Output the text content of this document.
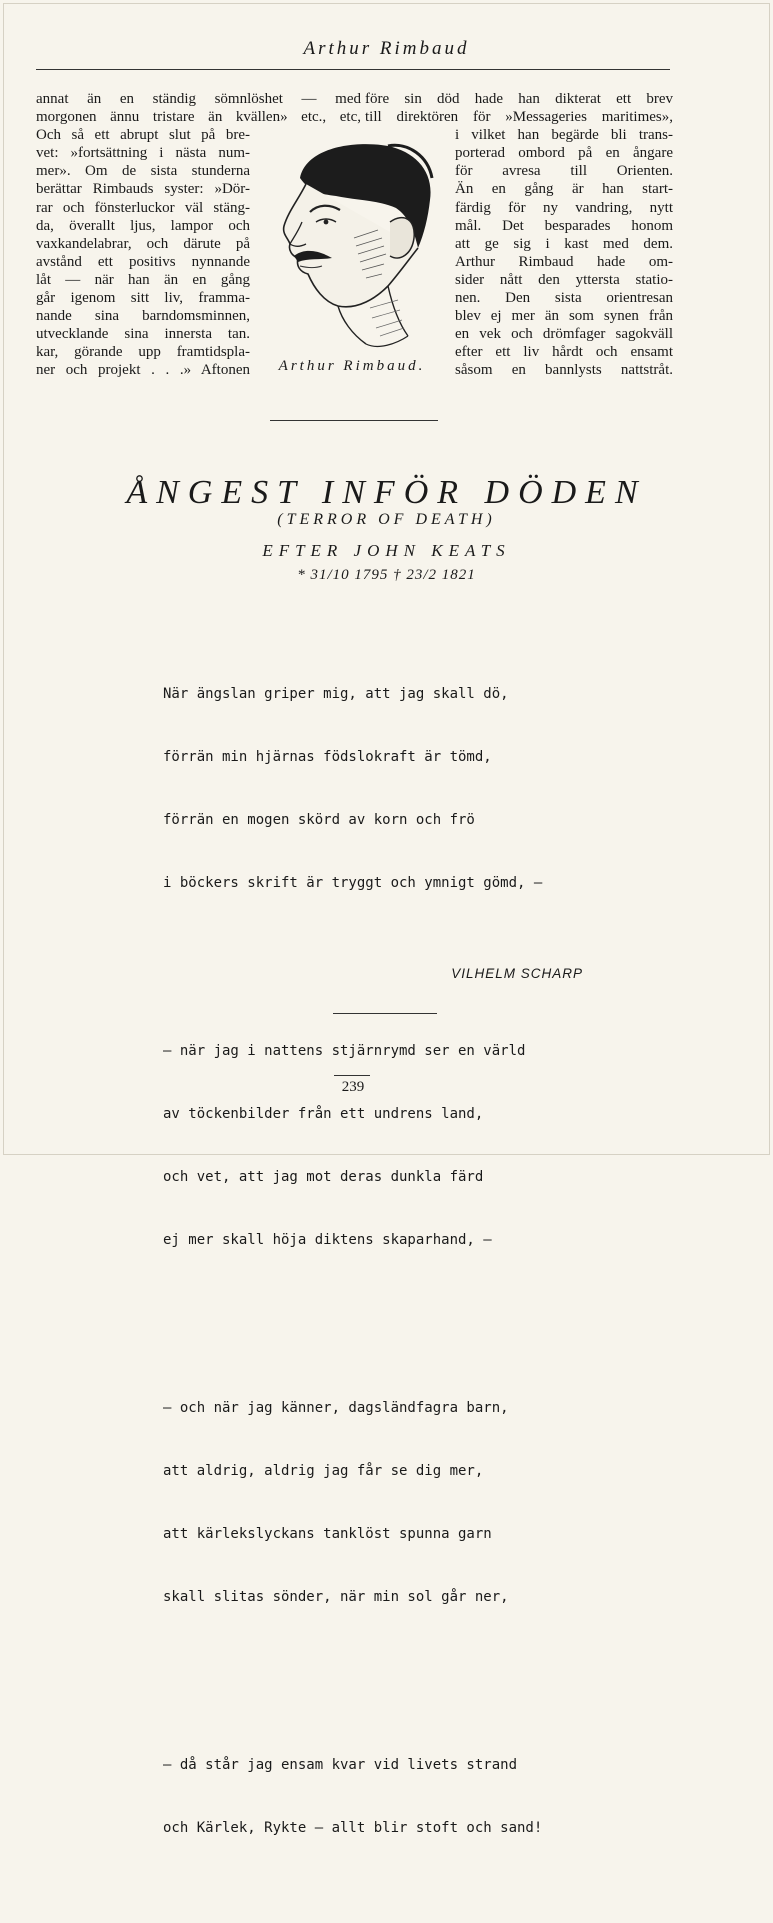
Arthur Rimbaud
annat än en ständig sömnlöshet — med
morgonen ännu tristare än kvällen» etc., etc,
Och så ett abrupt slut på bre-
vet: »fortsättning i nästa num-
mer». Om de sista stunderna
berättar Rimbauds syster: »Dör-
rar och fönsterluckor väl stäng-
da, överallt ljus, lampor och
vaxkandelabrar, och därute på
avstånd ett positivs nynnande
låt — när han än en gång
går igenom sitt liv, framma-
nande sina barndomsminnen,
utvecklande sina innersta tan.
kar, görande upp framtidspla-
ner och projekt . . .» Aftonen
före sin död hade han dikterat ett brev
till direktören för »Messageries maritimes»,
i vilket han begärde bli trans-
porterad ombord på en ångare
för avresa till Orienten.
Än en gång är han start-
färdig för ny vandring, nytt
mål. Det besparades honom
att ge sig i kast med dem.
Arthur Rimbaud hade om-
sider nått den yttersta statio-
nen. Den sista orientresan
blev ej mer än som synen från
en vek och drömfager sagokväll
efter ett liv hårdt och ensamt
såsom en bannlysts nattstråt.
Arthur Rimbaud.
ÅNGEST INFÖR DÖDEN
(TERROR OF DEATH)
EFTER JOHN KEATS
* 31/10 1795 † 23/2 1821

När ängslan griper mig, att jag skall dö,

förrän min hjärnas födslokraft är tömd,

förrän en mogen skörd av korn och frö

i böckers skrift är tryggt och ymnigt gömd, —

— när jag i nattens stjärnrymd ser en värld

av töckenbilder från ett undrens land,

och vet, att jag mot deras dunkla färd

ej mer skall höja diktens skaparhand, —

— och när jag känner, dagsländfagra barn,

att aldrig, aldrig jag får se dig mer,

att kärlekslyckans tanklöst spunna garn

skall slitas sönder, när min sol går ner,

— då står jag ensam kvar vid livets strand

och Kärlek, Rykte — allt blir stoft och sand!

VILHELM SCHARP
239
